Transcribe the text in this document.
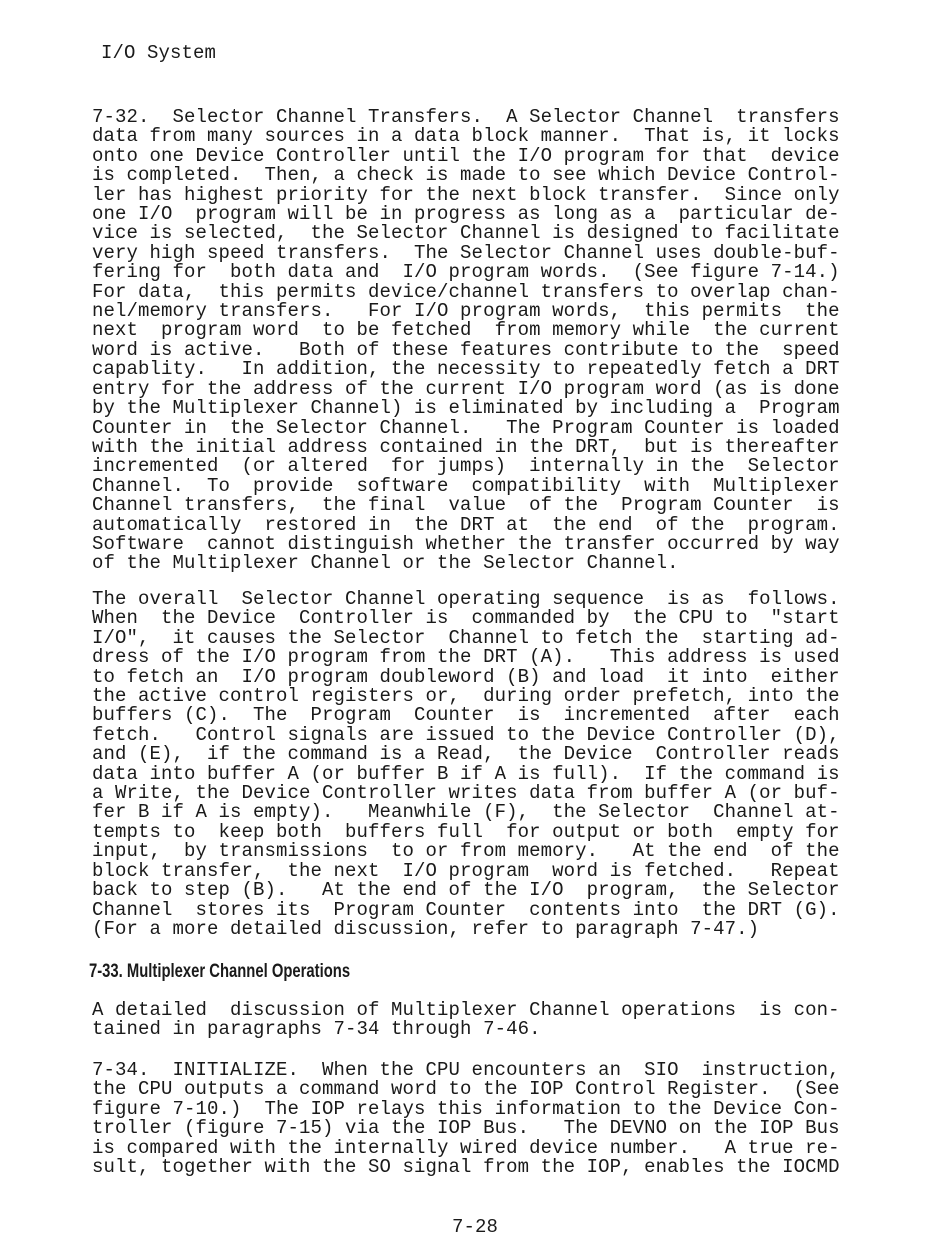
I/O System
7-32.  Selector Channel Transfers.  A Selector Channel  transfers
data from many sources in a data block manner.  That is, it locks
onto one Device Controller until the I/O program for that  device
is completed.  Then, a check is made to see which Device Control-
ler has highest priority for the next block transfer.  Since only
one I/O  program will be in progress as long as a  particular de-
vice is selected,  the Selector Channel is designed to facilitate
very high speed transfers.  The Selector Channel uses double-buf-
fering for  both data and  I/O program words.  (See figure 7-14.)
For data,  this permits device/channel transfers to overlap chan-
nel/memory transfers.   For I/O program words,  this permits  the
next  program word  to be fetched  from memory while  the current
word is active.   Both of these features contribute to the  speed
capablity.   In addition, the necessity to repeatedly fetch a DRT
entry for the address of the current I/O program word (as is done
by the Multiplexer Channel) is eliminated by including a  Program
Counter in  the Selector Channel.   The Program Counter is loaded
with the initial address contained in the DRT,  but is thereafter
incremented  (or altered  for jumps)  internally in the  Selector
Channel.  To  provide  software  compatibility  with  Multiplexer
Channel transfers,  the final  value  of the  Program Counter  is
automatically  restored in  the DRT at  the end  of the  program.
Software  cannot distinguish whether the transfer occurred by way
of the Multiplexer Channel or the Selector Channel.
The overall  Selector Channel operating sequence  is as  follows.
When  the Device  Controller is  commanded by  the CPU to  "start
I/O",  it causes the Selector  Channel to fetch the  starting ad-
dress of the I/O program from the DRT (A).   This address is used
to fetch an  I/O program doubleword (B) and load  it into  either
the active control registers or,  during order prefetch, into the
buffers (C).  The  Program  Counter  is  incremented  after  each
fetch.   Control signals are issued to the Device Controller (D),
and (E),  if the command is a Read,  the Device  Controller reads
data into buffer A (or buffer B if A is full).  If the command is
a Write, the Device Controller writes data from buffer A (or buf-
fer B if A is empty).   Meanwhile (F),  the Selector  Channel at-
tempts to  keep both  buffers full  for output or both  empty for
input,  by transmissions  to or from memory.   At the end  of the
block transfer,  the next  I/O program  word is fetched.   Repeat
back to step (B).   At the end of the I/O  program,  the Selector
Channel  stores its  Program Counter  contents into  the DRT (G).
(For a more detailed discussion, refer to paragraph 7-47.)
7-33. Multiplexer Channel Operations
A detailed  discussion of Multiplexer Channel operations  is con-
tained in paragraphs 7-34 through 7-46.
7-34.  INITIALIZE.  When the CPU encounters an  SIO  instruction,
the CPU outputs a command word to the IOP Control Register.  (See
figure 7-10.)  The IOP relays this information to the Device Con-
troller (figure 7-15) via the IOP Bus.   The DEVNO on the IOP Bus
is compared with the internally wired device number.   A true re-
sult, together with the SO signal from the IOP, enables the IOCMD
7-28
